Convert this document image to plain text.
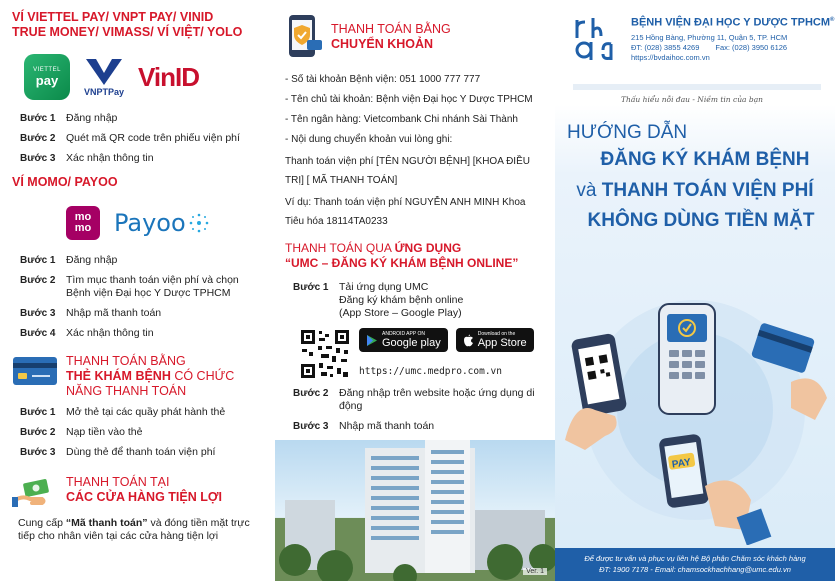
VÍ VIETTEL PAY/ VNPT PAY/ VINID
TRUE MONEY/ VIMASS/ VÍ VIỆT/ YOLO
VIETTEL
pay
VNPTPay
VinID
Bước 1	Đăng nhập
Bước 2	Quét mã QR code trên phiếu viện phí
Bước 3	Xác nhận thông tin
VÍ MOMO/ PAYOO
mo
mo Payoo
Bước 1	Đăng nhập
Bước 2	Tìm mục thanh toán viện phí và chọn Bệnh viện Đại học Y Dược TPHCM
Bước 3	Nhập mã thanh toán
Bước 4	Xác nhận thông tin
THANH TOÁN BẰNG
THẺ KHÁM BỆNH CÓ CHỨC
NĂNG THANH TOÁN
Bước 1	Mở thẻ tại các quầy phát hành thẻ
Bước 2	Nạp tiền vào thẻ
Bước 3	Dùng thẻ để thanh toán viện phí
THANH TOÁN TẠI
CÁC CỬA HÀNG TIỆN LỢI
Cung cấp “Mã thanh toán” và đóng tiền mặt trực tiếp cho nhân viên tại các cửa hàng tiện lợi
THANH TOÁN BẰNG
CHUYỂN KHOẢN
- Số tài khoản Bệnh viện: 051 1000 777 777
- Tên chủ tài khoản: Bệnh viện Đại học Y Dược TPHCM
- Tên ngân hàng: Vietcombank Chi nhánh Sài Thành
- Nội dung chuyển khoản vui lòng ghi:
Thanh toán viện phí [TÊN NGƯỜI BỆNH] [KHOA ĐIỀU TRỊ] [ MÃ THANH TOÁN]
Ví dụ: Thanh toán viện phí NGUYỄN ANH MINH Khoa Tiêu hóa 18114TA0233
THANH TOÁN QUA ỨNG DỤNG
“UMC – ĐĂNG KÝ KHÁM BỆNH ONLINE”
Bước 1	Tải ứng dụng UMC
Đăng ký khám bệnh online
(App Store – Google Play)
ANDROID APP ON
Google play
Download on the
App Store
https://umc.medpro.com.vn
Bước 2	Đăng nhập trên website hoặc ứng dụng di động
Bước 3	Nhập mã thanh toán
Ver. 1
BỆNH VIỆN ĐẠI HỌC Y DƯỢC TPHCM®
215 Hồng Bàng, Phường 11, Quận 5, TP. HCM
ĐT: (028) 3855 4269 Fax: (028) 3950 6126
https://bvdaihoc.com.vn
Thấu hiểu nỗi đau - Niềm tin của bạn
HƯỚNG DẪN
ĐĂNG KÝ KHÁM BỆNH
và THANH TOÁN VIỆN PHÍ
KHÔNG DÙNG TIỀN MẶT
PAY
Để được tư vấn và phục vụ liên hệ Bộ phận Chăm sóc khách hàng
ĐT: 1900 7178 - Email: chamsockhachhang@umc.edu.vn
